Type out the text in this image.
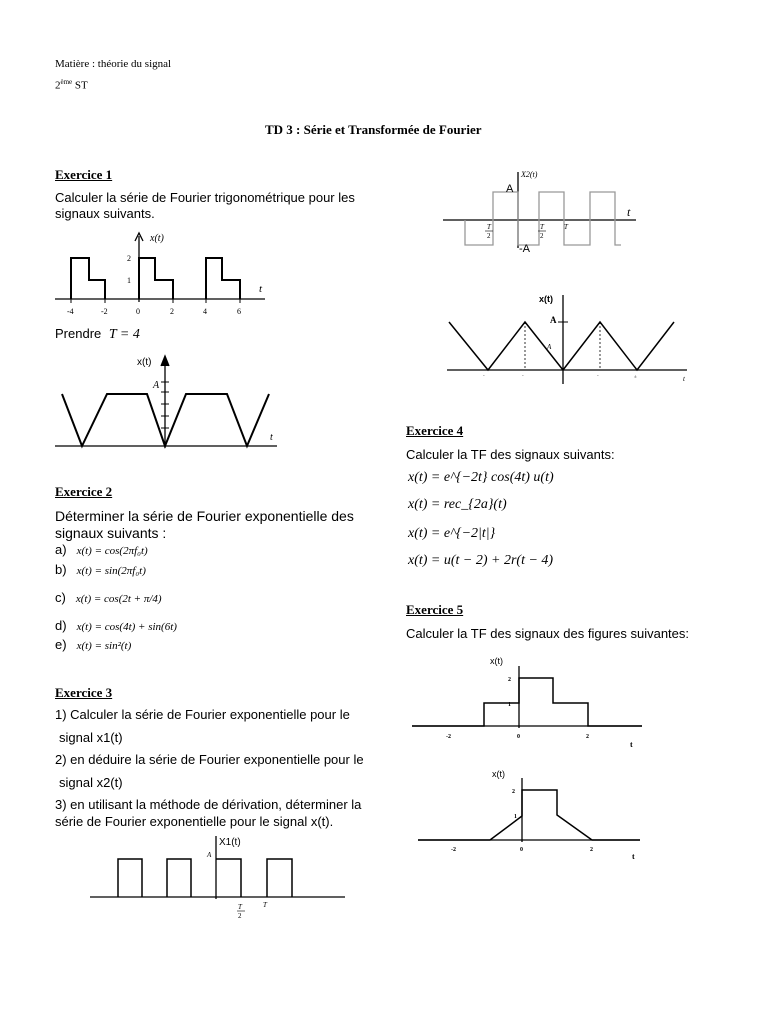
Matière : théorie du signal
2ème ST
TD 3 : Série et Transformée de Fourier
Exercice 1
Calculer la série de Fourier trigonométrique pour les
signaux suivants.
x(t)
t
2
1
-4	-2	0	2	4	6
Prendre T = 4
x(t)
A
t
Exercice 2
Déterminer la série de Fourier exponentielle des
signaux suivants :
a) x(t) = cos(2πf₀t)
b) x(t) = sin(2πf₀t)
c) x(t) = cos(2t + π/4)
d) x(t) = cos(4t) + sin(6t)
e) x(t) = sin²(t)
Exercice 3
1) Calculer la série de Fourier exponentielle pour le
signal x1(t)
2) en déduire la série de Fourier exponentielle pour le
signal x2(t)
3) en utilisant la méthode de dérivation, déterminer la
série de Fourier exponentielle pour le signal x(t).
X1(t)
A
T
2
T
X2(t)
A
-A
t
T
2
T
2
T
x(t)
A
A
t
-	-	-	±
Exercice 4
Calculer la TF des signaux suivants:
x(t) = e^{−2t} cos(4t) u(t)
x(t) = rec_{2a}(t)
x(t) = e^{−2|t|}
x(t) = u(t − 2) + 2r(t − 4)
Exercice 5
Calculer la TF des signaux des figures suivantes:
x(t)
2
1
-2	0	2
t
x(t)
2
1
-2	0	2
t
